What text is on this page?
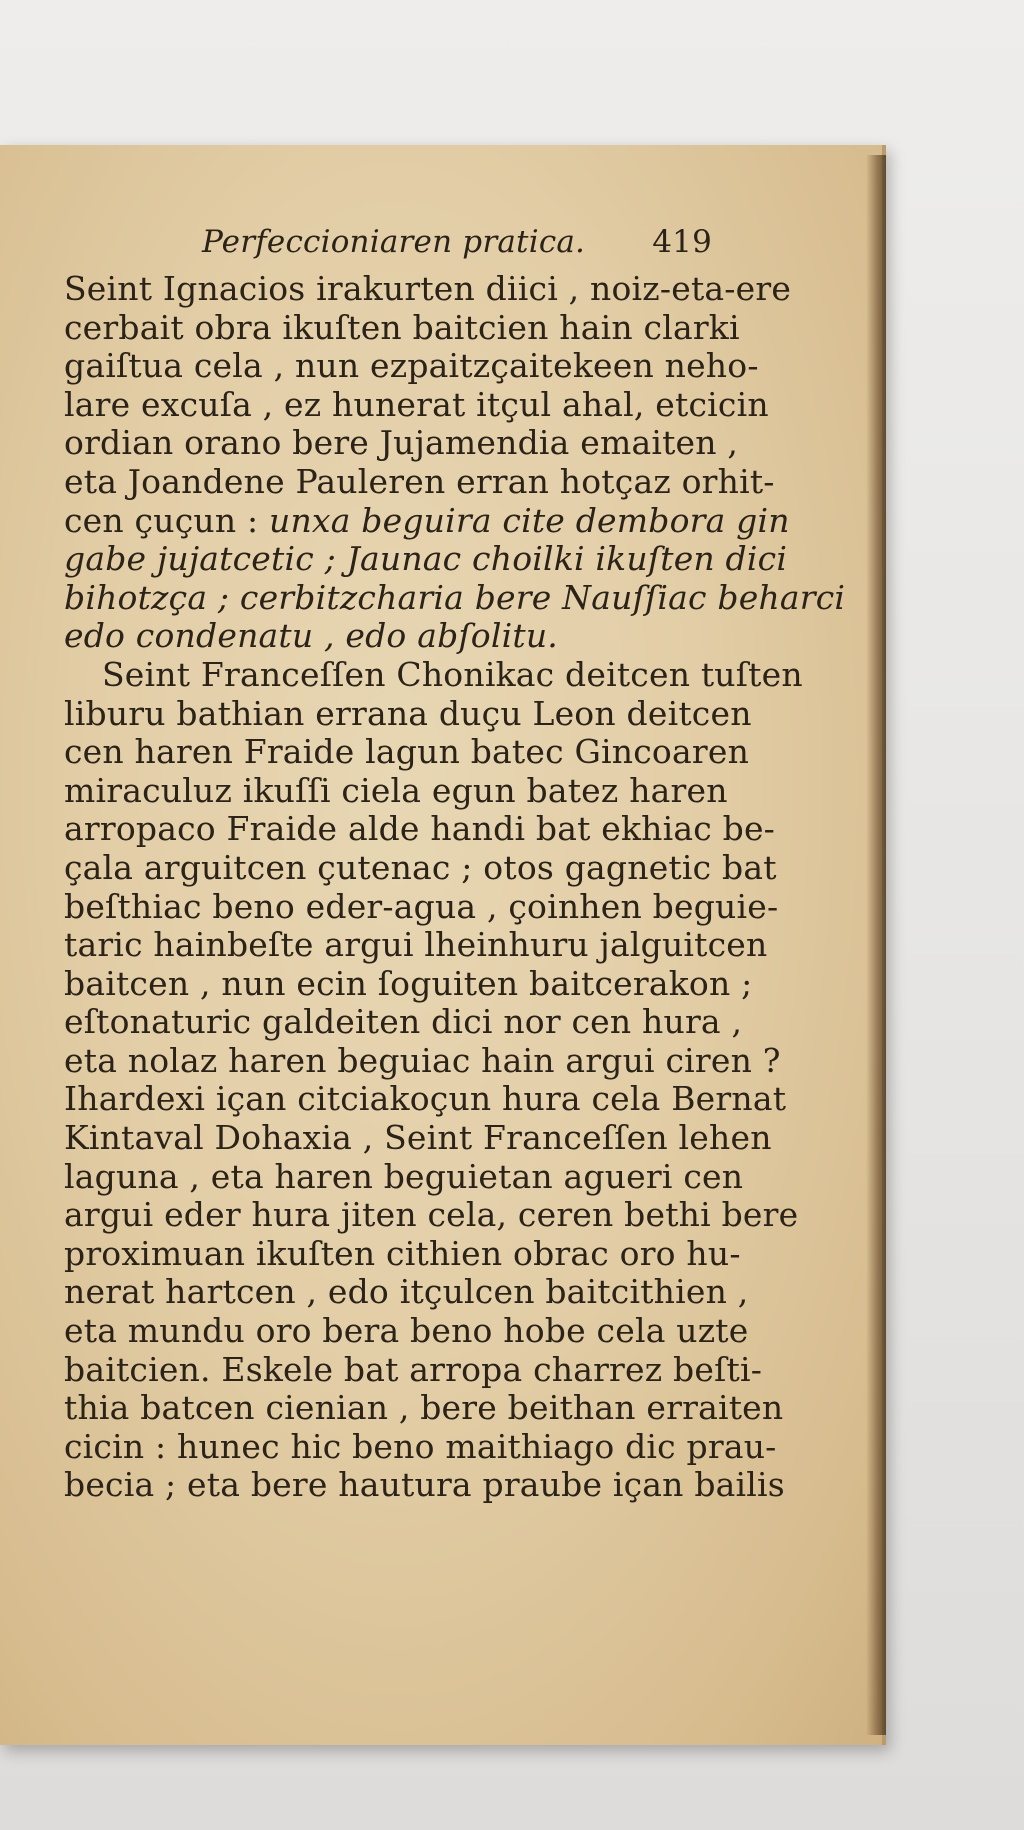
Perfeccioniaren pratica. 419
Seint Ignacios irakurten diici , noiz-eta-ere
cerbait obra ikuſten baitcien hain clarki
gaiſtua cela , nun ezpaitzçaitekeen neho-
lare excuſa , ez hunerat itçul ahal, etcicin
ordian orano bere Jujamendia emaiten ,
eta Joandene Pauleren erran hotçaz orhit-
cen çuçun : unxa beguira cite dembora gin
gabe jujatcetic ; Jaunac choilki ikuſten dici
bihotzça ; cerbitzcharia bere Nauſſiac beharci
edo condenatu , edo abſolitu.
Seint Franceſſen Chonikac deitcen tuſten
liburu bathian errana duçu Leon deitcen
cen haren Fraide lagun batec Gincoaren
miraculuz ikuſſi ciela egun batez haren
arropaco Fraide alde handi bat ekhiac be-
çala arguitcen çutenac ; otos gagnetic bat
beſthiac beno eder-agua , çoinhen beguie-
taric hainbeſte argui lheinhuru jalguitcen
baitcen , nun ecin ſoguiten baitcerakon ;
eſtonaturic galdeiten dici nor cen hura ,
eta nolaz haren beguiac hain argui ciren ?
Ihardexi içan citciakoçun hura cela Bernat
Kintaval Dohaxia , Seint Franceſſen lehen
laguna , eta haren beguietan agueri cen
argui eder hura jiten cela, ceren bethi bere
proximuan ikuſten cithien obrac oro hu-
nerat hartcen , edo itçulcen baitcithien ,
eta mundu oro bera beno hobe cela uzte
baitcien. Eskele bat arropa charrez beſti-
thia batcen cienian , bere beithan erraiten
cicin : hunec hic beno maithiago dic prau-
becia ; eta bere hautura praube içan bailis
